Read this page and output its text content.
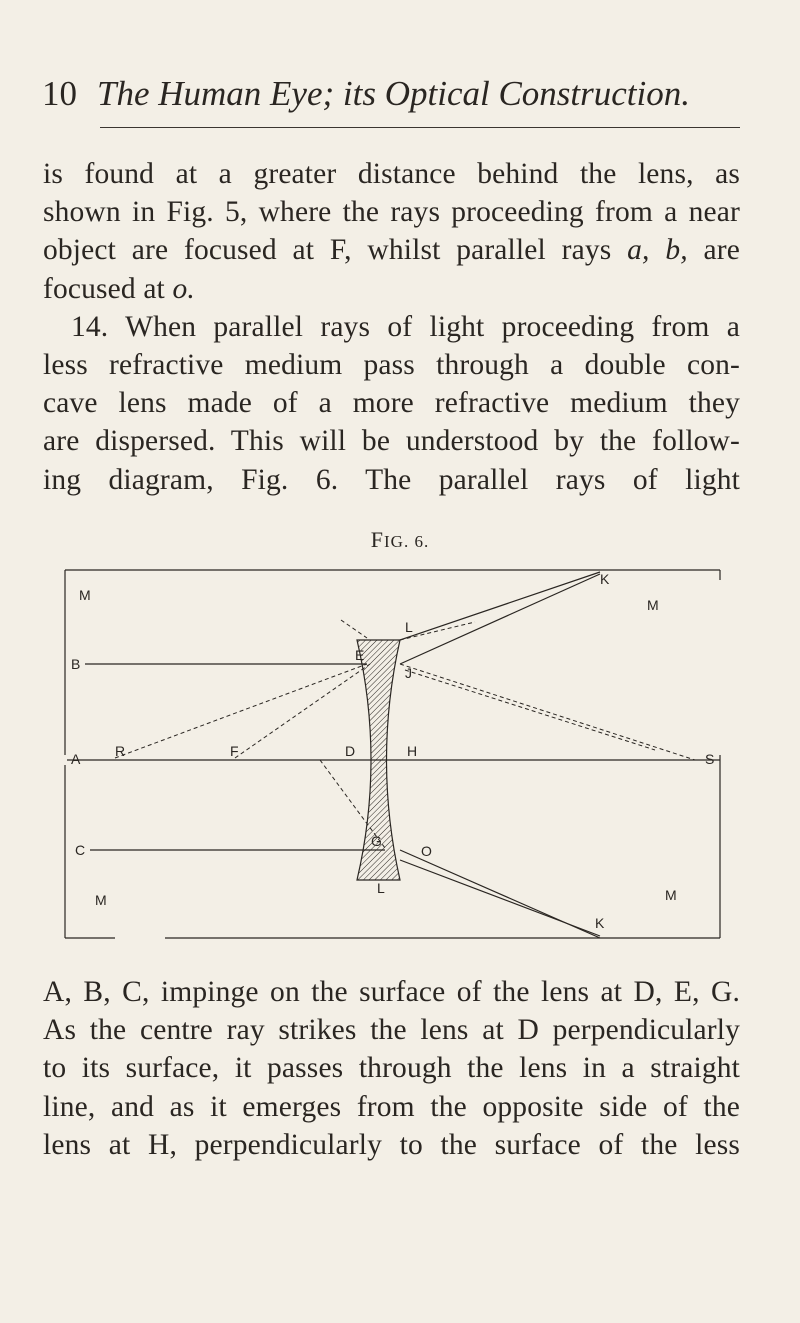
10 The Human Eye; its Optical Construction.

is found at a greater distance behind the lens, as
shown in Fig. 5, where the rays proceeding from a near
object are focused at F, whilst parallel rays a, b, are
focused at o.
14. When parallel rays of light proceeding from a
less refractive medium pass through a double con-
cave lens made of a more refractive medium they
are dispersed. This will be understood by the follow-
ing diagram, Fig. 6. The parallel rays of light

FIG. 6.
M
M
K
L
E
J
B
A R	F	D	H	S
C
G
O
L
M	M
K

A, B, C, impinge on the surface of the lens at D, E, G.
As the centre ray strikes the lens at D perpendicularly
to its surface, it passes through the lens in a straight
line, and as it emerges from the opposite side of the
lens at H, perpendicularly to the surface of the less
